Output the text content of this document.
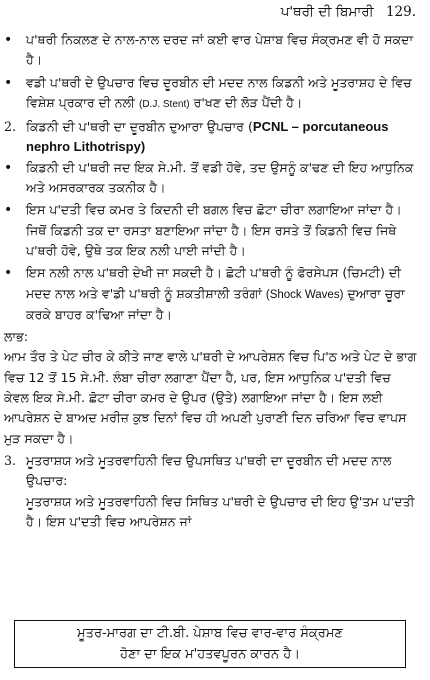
ਪ'ਥਰੀ ਦੀ ਬਿਮਾਰੀ 129.
•	ਪ'ਥਰੀ ਨਿਕਲਣ ਦੇ ਨਾਲ-ਨਾਲ ਦਰਦ ਜਾਂ ਕਈ ਵਾਰ ਪੇਸ਼ਾਬ ਵਿਚ ਸੰਕ੍ਰਮਣ ਵੀ ਹੋ ਸਕਦਾ ਹੈ।
•	ਵਡੀ ਪ'ਥਰੀ ਦੇ ਉਪਚਾਰ ਵਿਚ ਦੂਰਬੀਨ ਦੀ ਮਦਦ ਨਾਲ ਕਿਡਨੀ ਅਤੇ ਮੂਤਰਾਸ਼ਹ ਦੇ ਵਿਚ ਵਿਸ਼ੇਸ਼ ਪ੍ਰਕਾਰ ਦੀ ਨਲੀ (D.J. Stent) ਰ'ਖਣ ਦੀ ਲੋੜ ਪੈਂਦੀ ਹੈ।
2. ਕਿਡਨੀ ਦੀ ਪ'ਥਰੀ ਦਾ ਦੂਰਬੀਨ ਦੁਆਰਾ ਉਪਚਾਰ (PCNL – porcutaneous nephro Lithotrispy)
•	ਕਿਡਨੀ ਦੀ ਪ'ਥਰੀ ਜਦ ਇਕ ਸੇ.ਮੀ. ਤੋਂ ਵਡੀ ਹੋਵੇ, ਤਦ ਉਸਨੂੰ ਕ'ਢਣ ਦੀ ਇਹ ਆਧੁਨਿਕ ਅਤੇ ਅਸਰਕਾਰਕ ਤਕਨੀਕ ਹੈ।
•	ਇਸ ਪ'ਦਤੀ ਵਿਚ ਕਮਰ ਤੇ ਕਿਦਨੀ ਦੀ ਬਗਲ ਵਿਚ ਛੋਟਾ ਚੀਰਾ ਲਗਾਇਆ ਜਾਂਦਾ ਹੈ। ਜਿਥੋਂ ਕਿਡਨੀ ਤਕ ਦਾ ਰਸਤਾ ਬਣਾਇਆ ਜਾਂਦਾ ਹੈ। ਇਸ ਰਸਤੇ ਤੋਂ ਕਿਡਨੀ ਵਿਚ ਜਿਥੇ ਪ'ਥਰੀ ਹੋਵੇ, ਉਥੇ ਤਕ ਇਕ ਨਲੀ ਪਾਈ ਜਾਂਦੀ ਹੈ।
•	ਇਸ ਨਲੀ ਨਾਲ ਪ'ਥਰੀ ਦੇਖੀ ਜਾ ਸਕਦੀ ਹੈ। ਛੋਟੀ ਪ'ਥਰੀ ਨੂੰ ਫੋਰਸੇਪਸ (ਚਿਮਟੀ) ਦੀ ਮਦਦ ਨਾਲ ਅਤੇ ਵ'ਡੀ ਪ'ਥਰੀ ਨੂੰ ਸ਼ਕਤੀਸ਼ਾਲੀ ਤਰੰਗਾਂ (Shock Waves) ਦੁਆਰਾ ਚੂਰਾ ਕਰਕੇ ਬਾਹਰ ਕ'ਢਿਆ ਜਾਂਦਾ ਹੈ।
ਲਾਭ:
ਆਮ ਤੌਰ ਤੇ ਪੇਟ ਚੀਰ ਕੇ ਕੀਤੇ ਜਾਣ ਵਾਲੇ ਪ'ਥਰੀ ਦੇ ਆਪਰੇਸ਼ਨ ਵਿਚ ਪਿ'ਠ ਅਤੇ ਪੇਟ ਦੇ ਭਾਗ ਵਿਚ 12 ਤੋਂ 15 ਸੇ.ਮੀ. ਲੰਬਾ ਚੀਰਾ ਲਗਾਣਾ ਪੈਂਦਾ ਹੈ, ਪਰ, ਇਸ ਆਧੁਨਿਕ ਪ'ਦਤੀ ਵਿਚ ਕੇਵਲ ਇਕ ਸੇ.ਮੀ. ਛੋਟਾ ਚੀਰਾ ਕਮਰ ਦੇ ਉਪਰ (ਉਤੇ) ਲਗਾਇਆ ਜਾਂਦਾ ਹੈ। ਇਸ ਲਈ ਆਪਰੇਸ਼ਨ ਦੇ ਬਾਅਦ ਮਰੀਜ਼ ਕੁਝ ਦਿਨਾਂ ਵਿਚ ਹੀ ਅਪਣੀ ਪੁਰਾਣੀ ਦਿਨ ਚਰਿਆ ਵਿਚ ਵਾਪਸ ਮੁੜ ਸਕਦਾ ਹੈ।
3. ਮੂਤਰਾਸ਼ਯ ਅਤੇ ਮੂਤਰਵਾਹਿਨੀ ਵਿਚ ਉਪਸਥਿਤ ਪ'ਥਰੀ ਦਾ ਦੂਰਬੀਨ ਦੀ ਮਦਦ ਨਾਲ ਉਪਚਾਰ:
ਮੂਤਰਾਸ਼ਯ ਅਤੇ ਮੂਤਰਵਾਹਿਨੀ ਵਿਚ ਸਿਥਿਤ ਪ'ਥਰੀ ਦੇ ਉਪਚਾਰ ਦੀ ਇਹ ਉ'ਤਮ ਪ'ਦਤੀ ਹੈ। ਇਸ ਪ'ਦਤੀ ਵਿਚ ਆਪਰੇਸ਼ਨ ਜਾਂ
ਮੂਤਰ-ਮਾਰਗ ਦਾ ਟੀ.ਬੀ. ਪੇਸ਼ਾਬ ਵਿਚ ਵਾਰ-ਵਾਰ ਸੰਕ੍ਰਮਣ
ਹੋਣਾ ਦਾ ਇਕ ਮ'ਹਤਵਪੂਰਨ ਕਾਰਨ ਹੈ।
